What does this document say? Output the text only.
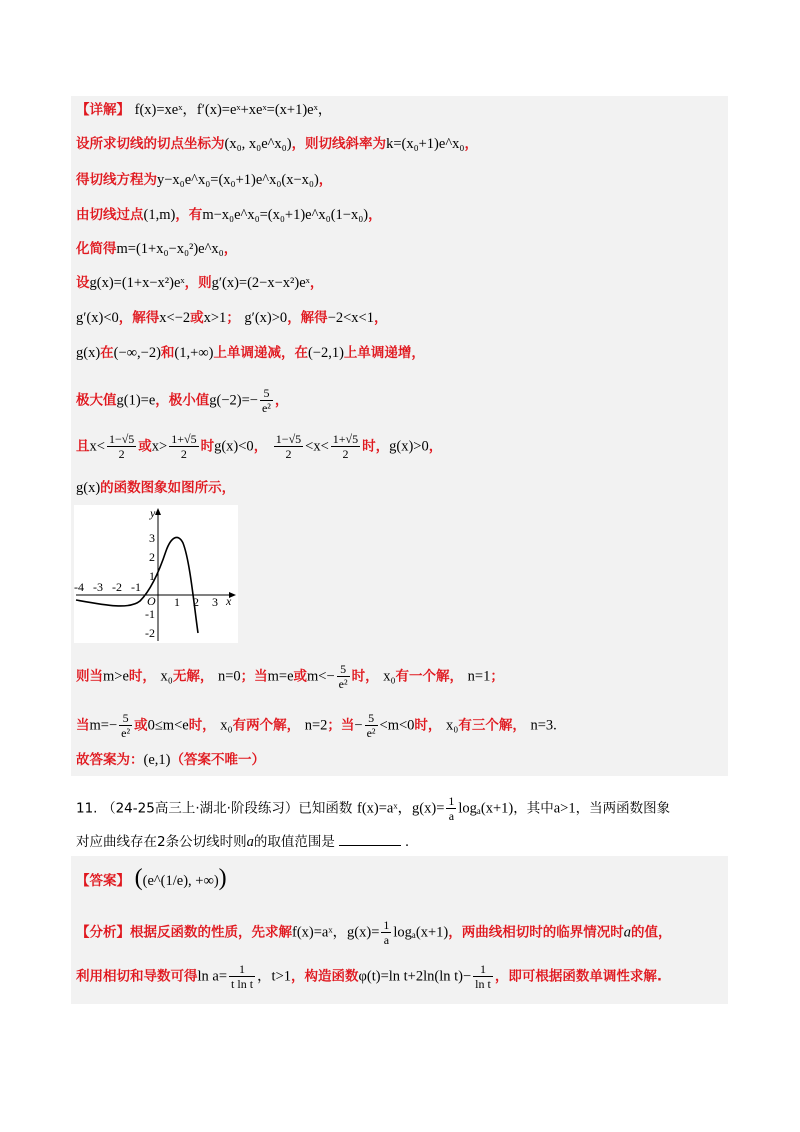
【详解】 f(x)=xeˣ，f′(x)=eˣ+xeˣ=(x+1)eˣ，
设所求切线的切点坐标为(x₀, x₀e^x₀)，则切线斜率为k=(x₀+1)e^x₀，
得切线方程为y−x₀e^x₀=(x₀+1)e^x₀(x−x₀)，
由切线过点(1,m)，有m−x₀e^x₀=(x₀+1)e^x₀(1−x₀)，
化简得m=(1+x₀−x₀²)e^x₀，
设g(x)=(1+x−x²)eˣ，则g′(x)=(2−x−x²)eˣ，
g′(x)<0，解得x<−2或x>1； g′(x)>0，解得−2<x<1，
g(x)在(−∞,−2)和(1,+∞)上单调递减，在(−2,1)上单调递增，
极大值g(1)=e，极小值$g(-2)=- \frac{5}{\text{e²}}$ ，
且$x< \frac{1-√5}{2}$ 或$x> \frac{1+√5}{2}$ 时g(x)<0， $\frac{1-√5}{2} <x< \frac{1+√5}{2}$ 时，g(x)>0，
g(x)的函数图象如图所示，
y
x
O
-4 -3 -2 -1
1 2 3
3
2
1
-1
-2
则当m>e时， x₀无解， n=0；当m=e或$m<- \frac{5}{\text{e²}}$ 时， x₀有一个解， n=1；
当$m=- \frac{5}{\text{e²}}$ 或0≤m<e时， x₀有两个解， n=2；当− $\frac{5}{\text{e²}} <m<0$时， x₀有三个解， n=3.
故答案为：(e,1)（答案不唯一）
11. （24-25高三上·湖北·阶段练习）已知函数 f(x)=aˣ，$g(x)= \frac{1}{a} \log_a(x+1)$，其中a>1，当两函数图象
对应曲线存在2条公切线时则a的取值范围是	.
【答案】 ((e^(1/e), +∞))
【分析】根据反函数的性质，先求解f(x)=aˣ，$g(x)= \frac{1}{a} \log_a(x+1)$，两曲线相切时的临界情况时a的值，
利用相切和导数可得$\ln a= \frac{1}{\text{t ln t}}$ ，t>1，构造函数φ(t)=ln t+2ln(ln $t)- \frac{1}{\text{ln t}}$ ，即可根据函数单调性求解.
